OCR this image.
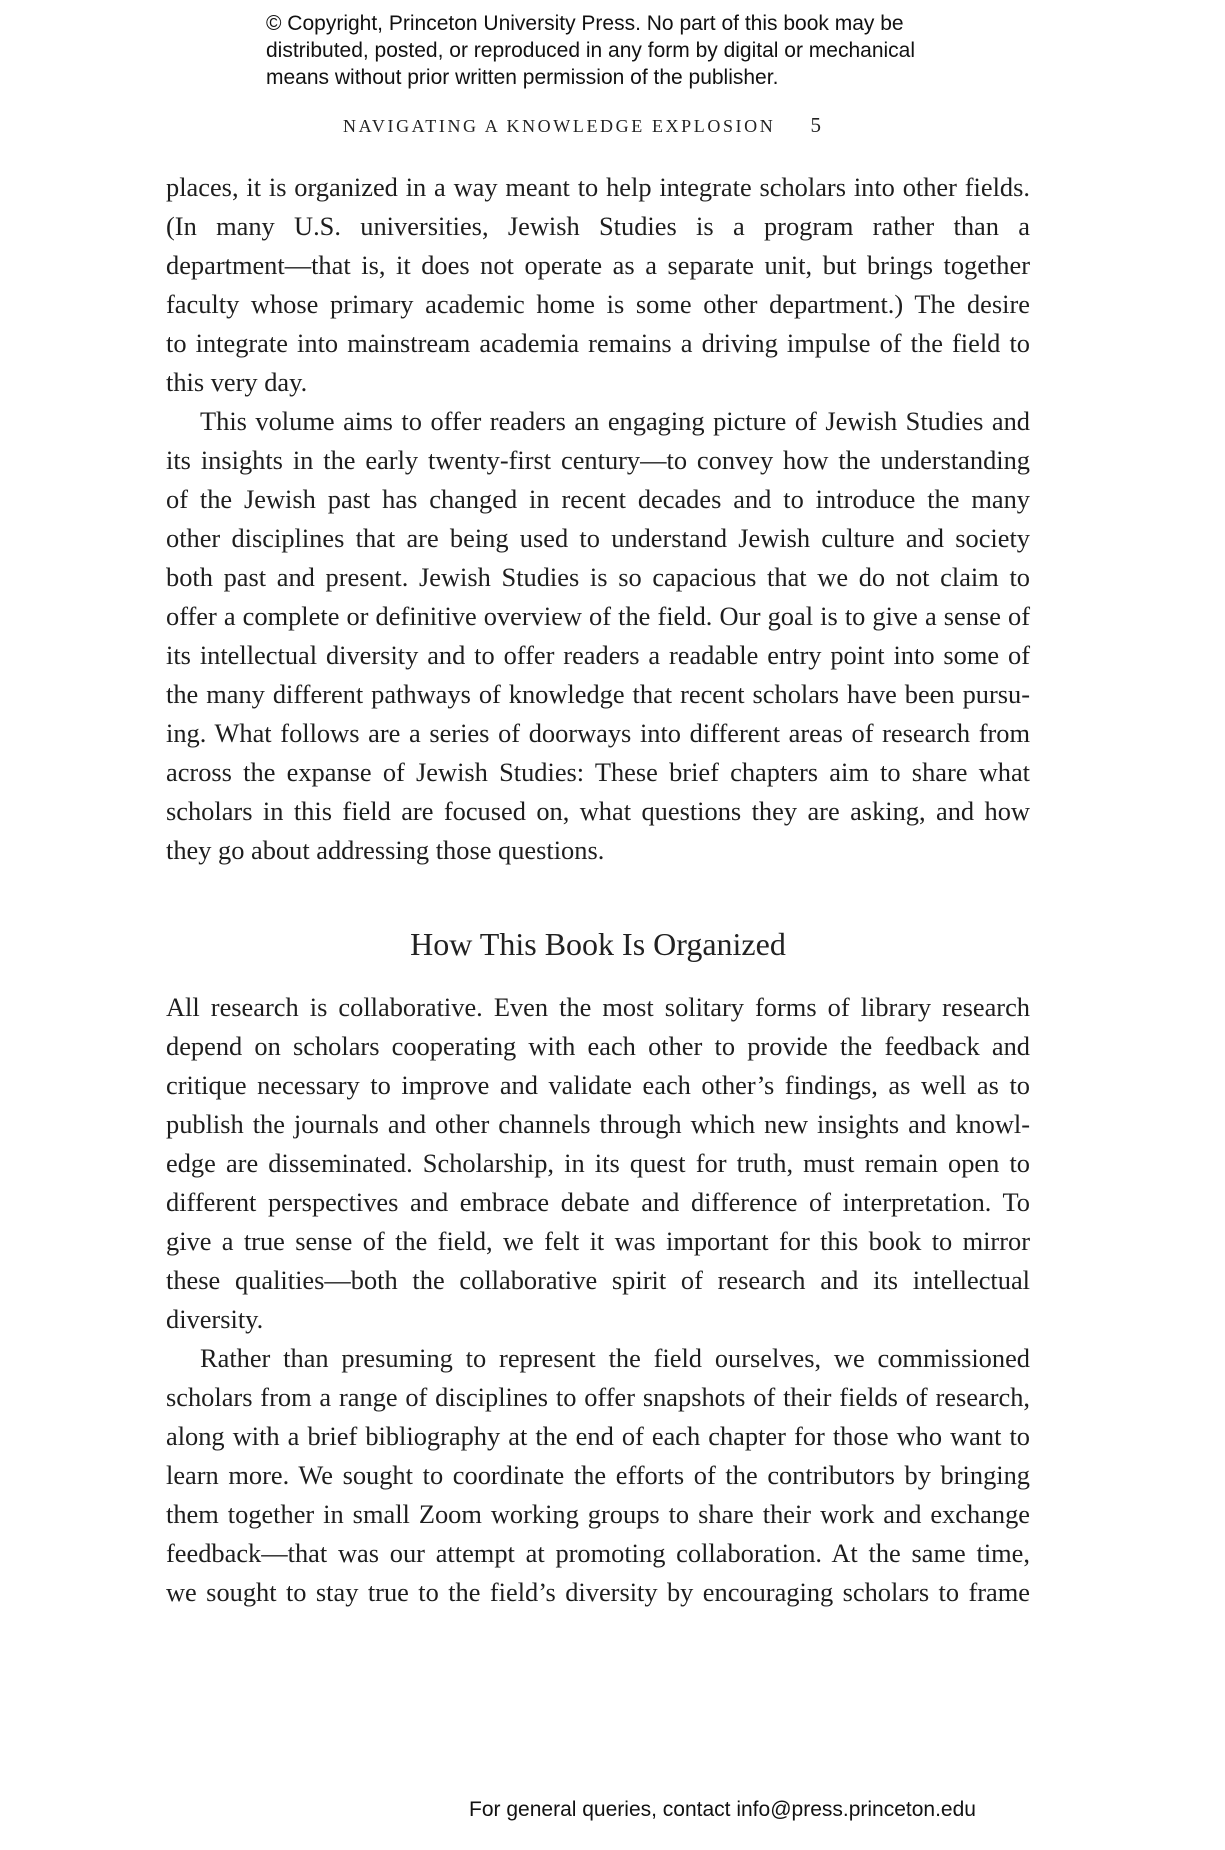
© Copyright, Princeton University Press. No part of this book may be
distributed, posted, or reproduced in any form by digital or mechanical
means without prior written permission of the publisher.
NAVIGATING A KNOWLEDGE EXPLOSION 5

places, it is organized in a way meant to help integrate scholars into other fields.
(In many U.S. universities, Jewish Studies is a program rather than a
department—that is, it does not operate as a separate unit, but brings together
faculty whose primary academic home is some other department.) The desire
to integrate into mainstream academia remains a driving impulse of the field to
this very day.

This volume aims to offer readers an engaging picture of Jewish Studies and
its insights in the early twenty-first century—to convey how the understanding
of the Jewish past has changed in recent decades and to introduce the many
other disciplines that are being used to understand Jewish culture and society
both past and present. Jewish Studies is so capacious that we do not claim to
offer a complete or definitive overview of the field. Our goal is to give a sense of
its intellectual diversity and to offer readers a readable entry point into some of
the many different pathways of knowledge that recent scholars have been pursu-
ing. What follows are a series of doorways into different areas of research from
across the expanse of Jewish Studies: These brief chapters aim to share what
scholars in this field are focused on, what questions they are asking, and how
they go about addressing those questions.

How This Book Is Organized

All research is collaborative. Even the most solitary forms of library research
depend on scholars cooperating with each other to provide the feedback and
critique necessary to improve and validate each other’s findings, as well as to
publish the journals and other channels through which new insights and knowl-
edge are disseminated. Scholarship, in its quest for truth, must remain open to
different perspectives and embrace debate and difference of interpretation. To
give a true sense of the field, we felt it was important for this book to mirror
these qualities—both the collaborative spirit of research and its intellectual
diversity.

Rather than presuming to represent the field ourselves, we commissioned
scholars from a range of disciplines to offer snapshots of their fields of research,
along with a brief bibliography at the end of each chapter for those who want to
learn more. We sought to coordinate the efforts of the contributors by bringing
them together in small Zoom working groups to share their work and exchange
feedback—that was our attempt at promoting collaboration. At the same time,
we sought to stay true to the field’s diversity by encouraging scholars to frame

For general queries, contact info@press.princeton.edu
